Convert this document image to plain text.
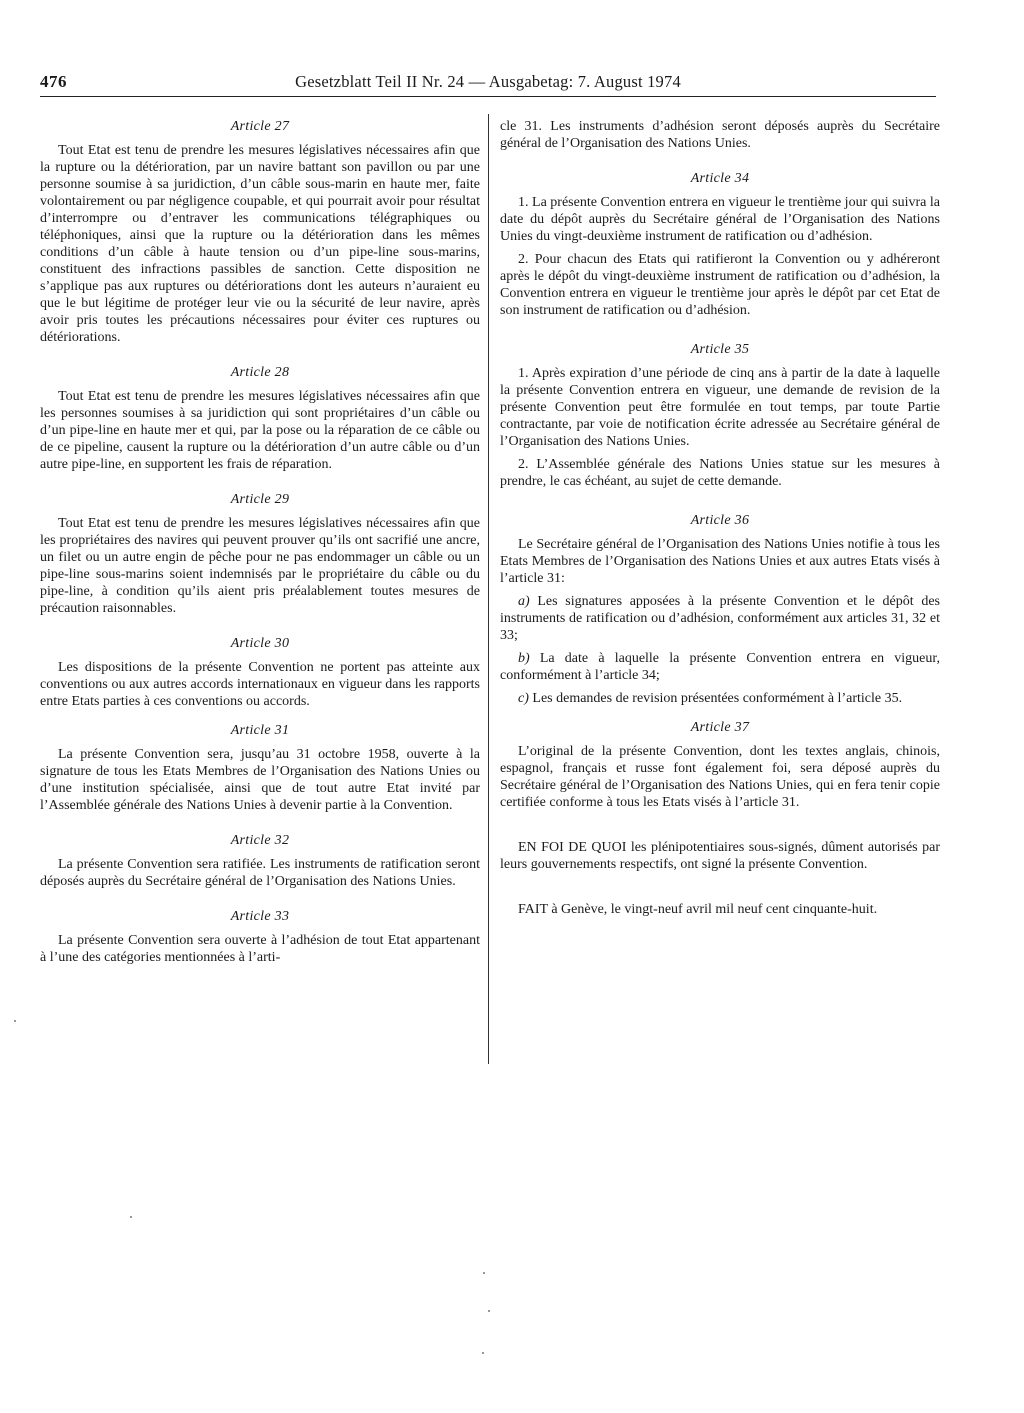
476	Gesetzblatt Teil II Nr. 24 — Ausgabetag: 7. August 1974
Article 27

Tout Etat est tenu de prendre les mesures législatives nécessaires afin que la rupture ou la détérioration, par un navire battant son pavillon ou par une personne soumise à sa juridiction, d’un câble sous-marin en haute mer, faite volontairement ou par négligence coupable, et qui pourrait avoir pour résultat d’interrompre ou d’entraver les communications télégraphiques ou téléphoniques, ainsi que la rupture ou la détérioration dans les mêmes conditions d’un câble à haute tension ou d’un pipe-line sous-marins, constituent des infractions passibles de sanction. Cette disposition ne s’applique pas aux ruptures ou détériorations dont les auteurs n’auraient eu que le but légitime de protéger leur vie ou la sécurité de leur navire, après avoir pris toutes les précautions nécessaires pour éviter ces ruptures ou détériorations.

Article 28

Tout Etat est tenu de prendre les mesures législatives nécessaires afin que les personnes soumises à sa juridiction qui sont propriétaires d’un câble ou d’un pipe-line en haute mer et qui, par la pose ou la réparation de ce câble ou de ce pipeline, causent la rupture ou la détérioration d’un autre câble ou d’un autre pipe-line, en supportent les frais de réparation.

Article 29

Tout Etat est tenu de prendre les mesures législatives nécessaires afin que les propriétaires des navires qui peuvent prouver qu’ils ont sacrifié une ancre, un filet ou un autre engin de pêche pour ne pas endommager un câble ou un pipe-line sous-marins soient indemnisés par le propriétaire du câble ou du pipe-line, à condition qu’ils aient pris préalablement toutes mesures de précaution raisonnables.

Article 30

Les dispositions de la présente Convention ne portent pas atteinte aux conventions ou aux autres accords internationaux en vigueur dans les rapports entre Etats parties à ces conventions ou accords.

Article 31

La présente Convention sera, jusqu’au 31 octobre 1958, ouverte à la signature de tous les Etats Membres de l’Organisation des Nations Unies ou d’une institution spécialisée, ainsi que de tout autre Etat invité par l’Assemblée générale des Nations Unies à devenir partie à la Convention.

Article 32

La présente Convention sera ratifiée. Les instruments de ratification seront déposés auprès du Secrétaire général de l’Organisation des Nations Unies.

Article 33

La présente Convention sera ouverte à l’adhésion de tout Etat appartenant à l’une des catégories mentionnées à l’arti-

cle 31. Les instruments d’adhésion seront déposés auprès du Secrétaire général de l’Organisation des Nations Unies.

Article 34

1. La présente Convention entrera en vigueur le trentième jour qui suivra la date du dépôt auprès du Secrétaire général de l’Organisation des Nations Unies du vingt-deuxième instrument de ratification ou d’adhésion.

2. Pour chacun des Etats qui ratifieront la Convention ou y adhéreront après le dépôt du vingt-deuxième instrument de ratification ou d’adhésion, la Convention entrera en vigueur le trentième jour après le dépôt par cet Etat de son instrument de ratification ou d’adhésion.

Article 35

1. Après expiration d’une période de cinq ans à partir de la date à laquelle la présente Convention entrera en vigueur, une demande de revision de la présente Convention peut être formulée en tout temps, par toute Partie contractante, par voie de notification écrite adressée au Secrétaire général de l’Organisation des Nations Unies.

2. L’Assemblée générale des Nations Unies statue sur les mesures à prendre, le cas échéant, au sujet de cette demande.

Article 36

Le Secrétaire général de l’Organisation des Nations Unies notifie à tous les Etats Membres de l’Organisation des Nations Unies et aux autres Etats visés à l’article 31:

a) Les signatures apposées à la présente Convention et le dépôt des instruments de ratification ou d’adhésion, conformément aux articles 31, 32 et 33;

b) La date à laquelle la présente Convention entrera en vigueur, conformément à l’article 34;

c) Les demandes de revision présentées conformément à l’article 35.

Article 37

L’original de la présente Convention, dont les textes anglais, chinois, espagnol, français et russe font également foi, sera déposé auprès du Secrétaire général de l’Organisation des Nations Unies, qui en fera tenir copie certifiée conforme à tous les Etats visés à l’article 31.

EN FOI DE QUOI les plénipotentiaires sous-signés, dûment autorisés par leurs gouvernements respectifs, ont signé la présente Convention.

FAIT à Genève, le vingt-neuf avril mil neuf cent cinquante-huit.
